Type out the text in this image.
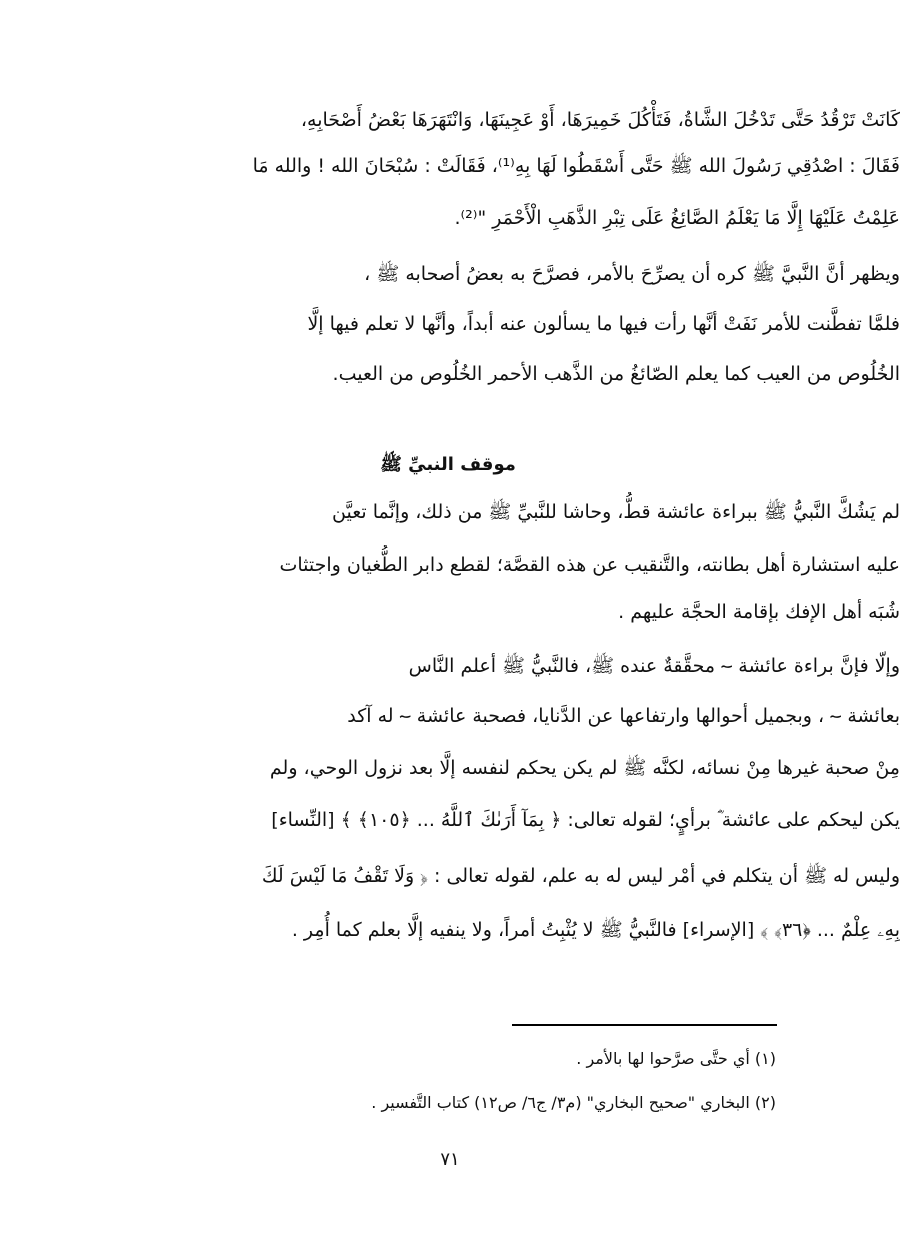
كَانَتْ تَرْقُدُ حَتَّى تَدْخُلَ الشَّاةُ، فَتَأْكُلَ خَمِيرَهَا، أَوْ عَجِينَهَا، وَانْتَهَرَهَا بَعْضُ أَصْحَابِهِ،
فَقَالَ : اصْدُقِي رَسُولَ الله ﷺ حَتَّى أَسْقَطُوا لَهَا بِهِ⁽¹⁾، فَقَالَتْ : سُبْحَانَ الله ! والله مَا
عَلِمْتُ عَلَيْهَا إِلَّا مَا يَعْلَمُ الصَّائِغُ عَلَى تِبْرِ الذَّهَبِ الْأَحْمَرِ "⁽²⁾.
ويظهر أنَّ النَّبيَّ ﷺ كره أن يصرِّحَ بالأمر، فصرَّحَ به بعضُ أصحابه ﷺ ،
فلمَّا تفطَّنت للأمر نَفَتْ أنَّها رأت فيها ما يسألون عنه أبداً، وأنَّها لا تعلم فيها إلَّا
الخُلُوص من العيب كما يعلم الصّائغُ من الذَّهب الأحمر الخُلُوص من العيب.
موقف النبيِّ ﷺ
لم يَشُكَّ النَّبيُّ ﷺ ببراءة عائشة قطُّ، وحاشا للنَّبيِّ ﷺ من ذلك، وإنَّما تعيَّن
عليه استشارة أهل بطانته، والتَّنقيب عن هذه القصَّة؛ لقطع دابر الطُّغيان واجتثات
شُبَه أهل الإفك بإقامة الحجَّة عليهم .
وإلّا فإنَّ براءة عائشة ؅ محقَّقةٌ عنده ﷺ، فالنَّبيُّ ﷺ أعلم النَّاس
بعائشة ؅ ، وبجميل أحوالها وارتفاعها عن الدَّنايا، فصحبة عائشة ؅ له آكد
مِنْ صحبة غيرها مِنْ نسائه، لكنَّه ﷺ لم يكن يحكم لنفسه إلَّا بعد نزول الوحي، ولم
يكن ليحكم على عائشة ؓ برأيٍ؛ لقوله تعالى: ﴿ بِمَآ أَرَىٰكَ ٱللَّهُ ... ﴿١٠٥﴾ ﴾ [النِّساء]
وليس له ﷺ أن يتكلم في أمْر ليس له به علم، لقوله تعالى : ﴿ وَلَا تَقْفُ مَا لَيْسَ لَكَ
بِهِۦ عِلْمٌ ... ﴿٣٦﴾ ﴾ [الإسراء] فالنَّبيُّ ﷺ لا يُثْبِتُ أمراً، ولا ينفيه إلَّا بعلم كما أُمِر .
(١) أي حتَّى صرَّحوا لها بالأمر .
(٢) البخاري "صحيح البخاري" (م٣/ ج٦/ ص١٢) كتاب التَّفسير .
٧١
